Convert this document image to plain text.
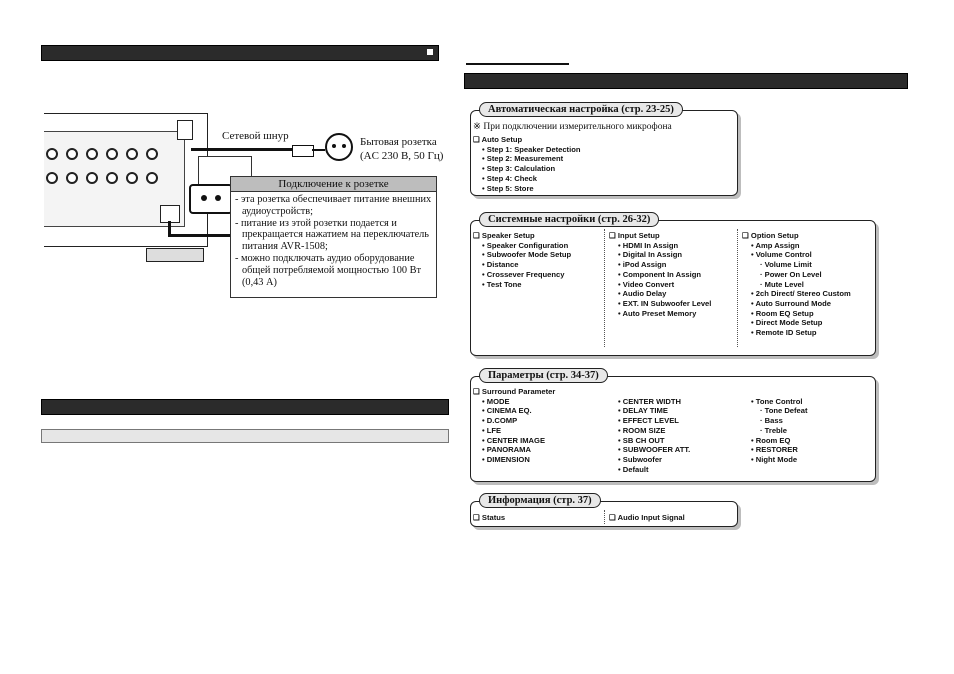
Сетевой шнур	Бытовая розетка
(AC 230 В, 50 Гц)
Подключение к розетке
- эта розетка обеспечивает питание внешних аудиоустройств;
- питание из этой розетки подается и прекращается нажатием на переключатель питания AVR-1508;
- можно подключать аудио оборудование общей потребляемой мощностью 100 Вт (0,43 А)
Автоматическая настройка (стр. 23-25)
※ При подключении измерительного микрофона
❑ Auto Setup
• Step 1: Speaker Detection
• Step 2: Measurement
• Step 3: Calculation
• Step 4: Check
• Step 5: Store
Системные настройки (стр. 26-32)
❑ Speaker Setup
• Speaker Configuration
• Subwoofer Mode Setup
• Distance
• Crossever Frequency
• Test Tone
❑ Input Setup
• HDMI In Assign
• Digital In Assign
• iPod Assign
• Component In Assign
• Video Convert
• Audio Delay
• EXT. IN Subwoofer Level
• Auto Preset Memory
❑ Option Setup
• Amp Assign
• Volume Control
· Volume Limit
· Power On Level
· Mute Level
• 2ch Direct/ Stereo Custom
• Auto Surround Mode
• Room EQ Setup
• Direct Mode Setup
• Remote ID Setup
Параметры (стр. 34-37)
❑ Surround Parameter
• MODE
• CINEMA EQ.
• D.COMP
• LFE
• CENTER IMAGE
• PANORAMA
• DIMENSION
• CENTER WIDTH
• DELAY TIME
• EFFECT LEVEL
• ROOM SIZE
• SB CH OUT
• SUBWOOFER ATT.
• Subwoofer
• Default
• Tone Control
· Tone Defeat
· Bass
· Treble
• Room EQ
• RESTORER
• Night Mode
Информация (стр. 37)
❑ Status
❑	Audio Input Signal
